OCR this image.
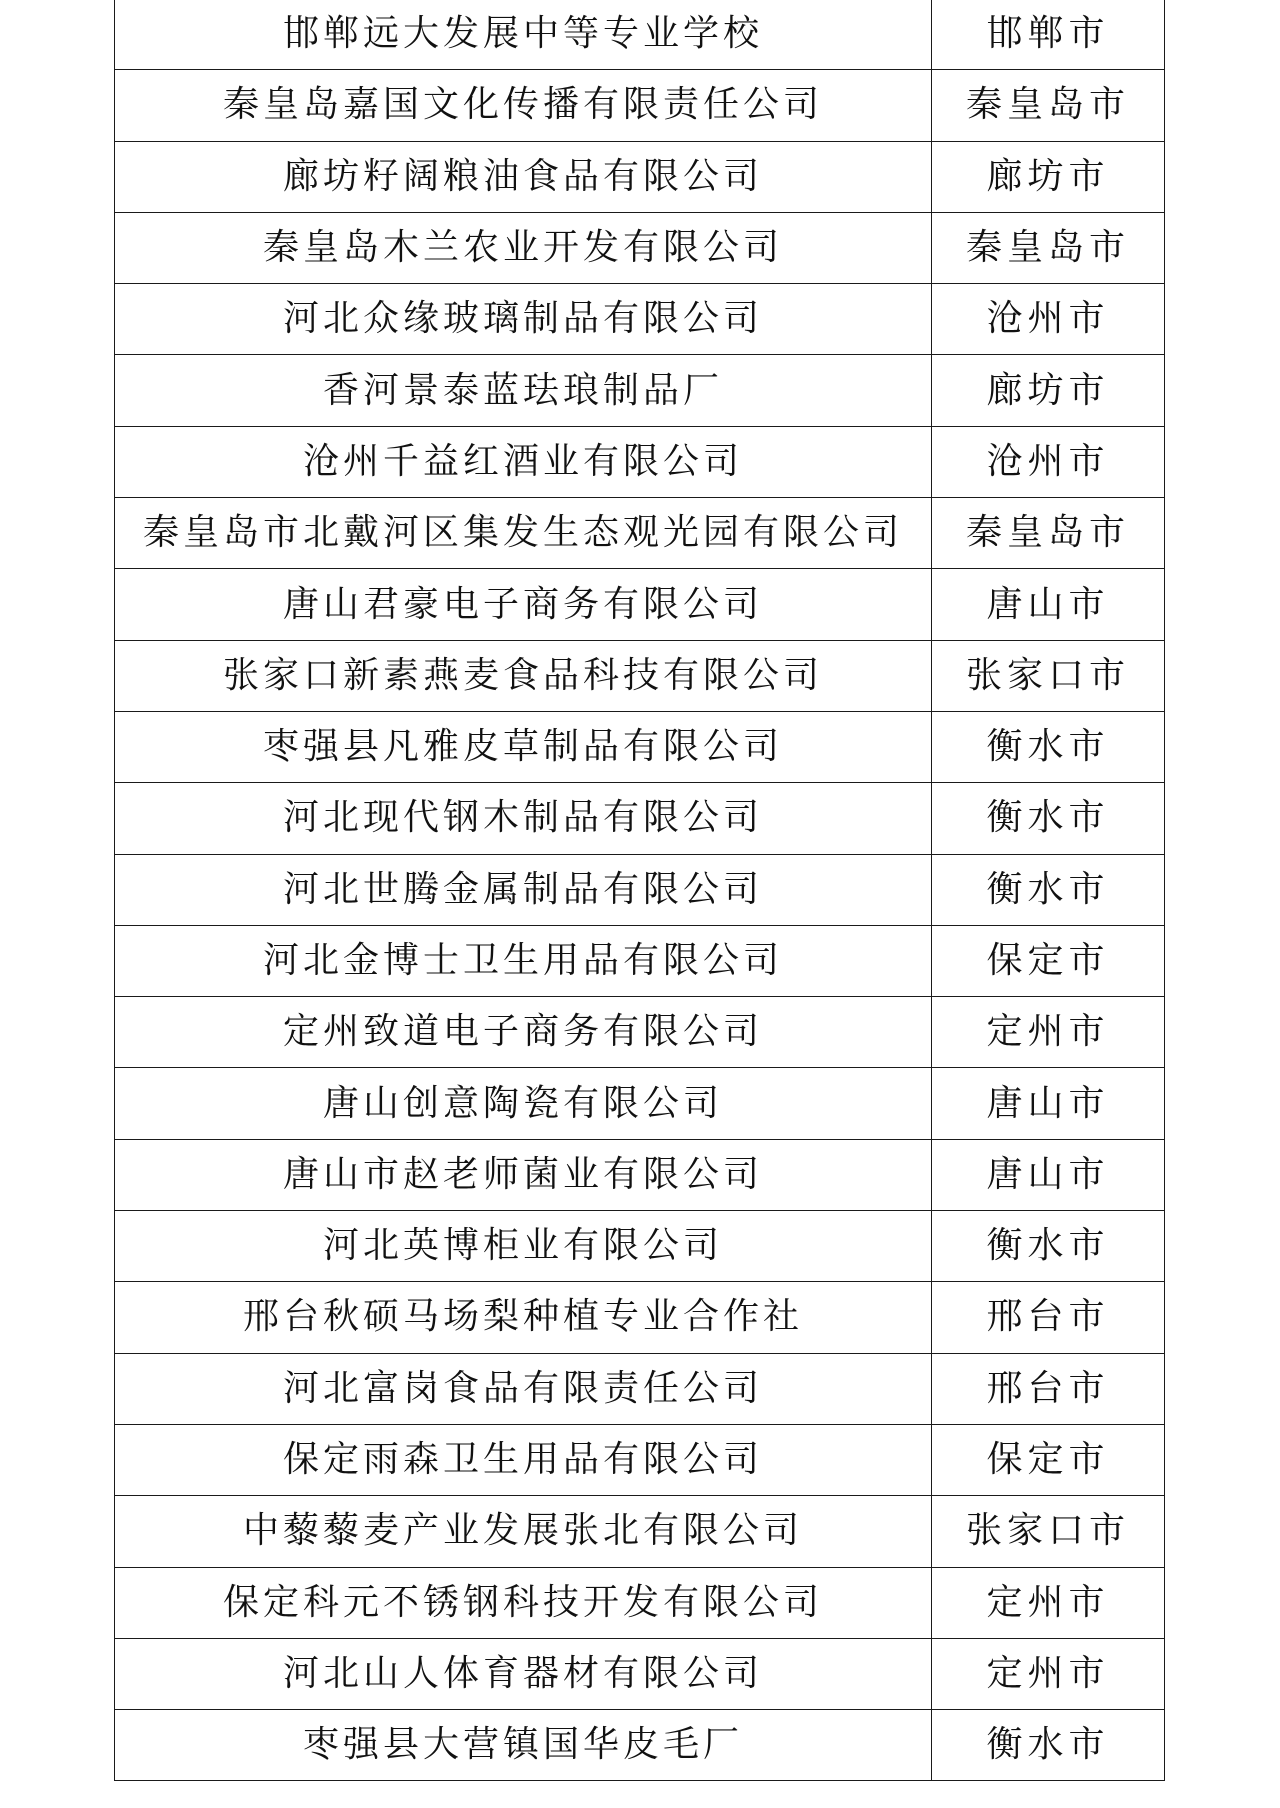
邯郸远大发展中等专业学校	邯郸市
秦皇岛嘉国文化传播有限责任公司	秦皇岛市
廊坊籽阔粮油食品有限公司	廊坊市
秦皇岛木兰农业开发有限公司	秦皇岛市
河北众缘玻璃制品有限公司	沧州市
香河景泰蓝珐琅制品厂	廊坊市
沧州千益红酒业有限公司	沧州市
秦皇岛市北戴河区集发生态观光园有限公司	秦皇岛市
唐山君豪电子商务有限公司	唐山市
张家口新素燕麦食品科技有限公司	张家口市
枣强县凡雅皮草制品有限公司	衡水市
河北现代钢木制品有限公司	衡水市
河北世腾金属制品有限公司	衡水市
河北金博士卫生用品有限公司	保定市
定州致道电子商务有限公司	定州市
唐山创意陶瓷有限公司	唐山市
唐山市赵老师菌业有限公司	唐山市
河北英博柜业有限公司	衡水市
邢台秋硕马场梨种植专业合作社	邢台市
河北富岗食品有限责任公司	邢台市
保定雨森卫生用品有限公司	保定市
中藜藜麦产业发展张北有限公司	张家口市
保定科元不锈钢科技开发有限公司	定州市
河北山人体育器材有限公司	定州市
枣强县大营镇国华皮毛厂	衡水市
